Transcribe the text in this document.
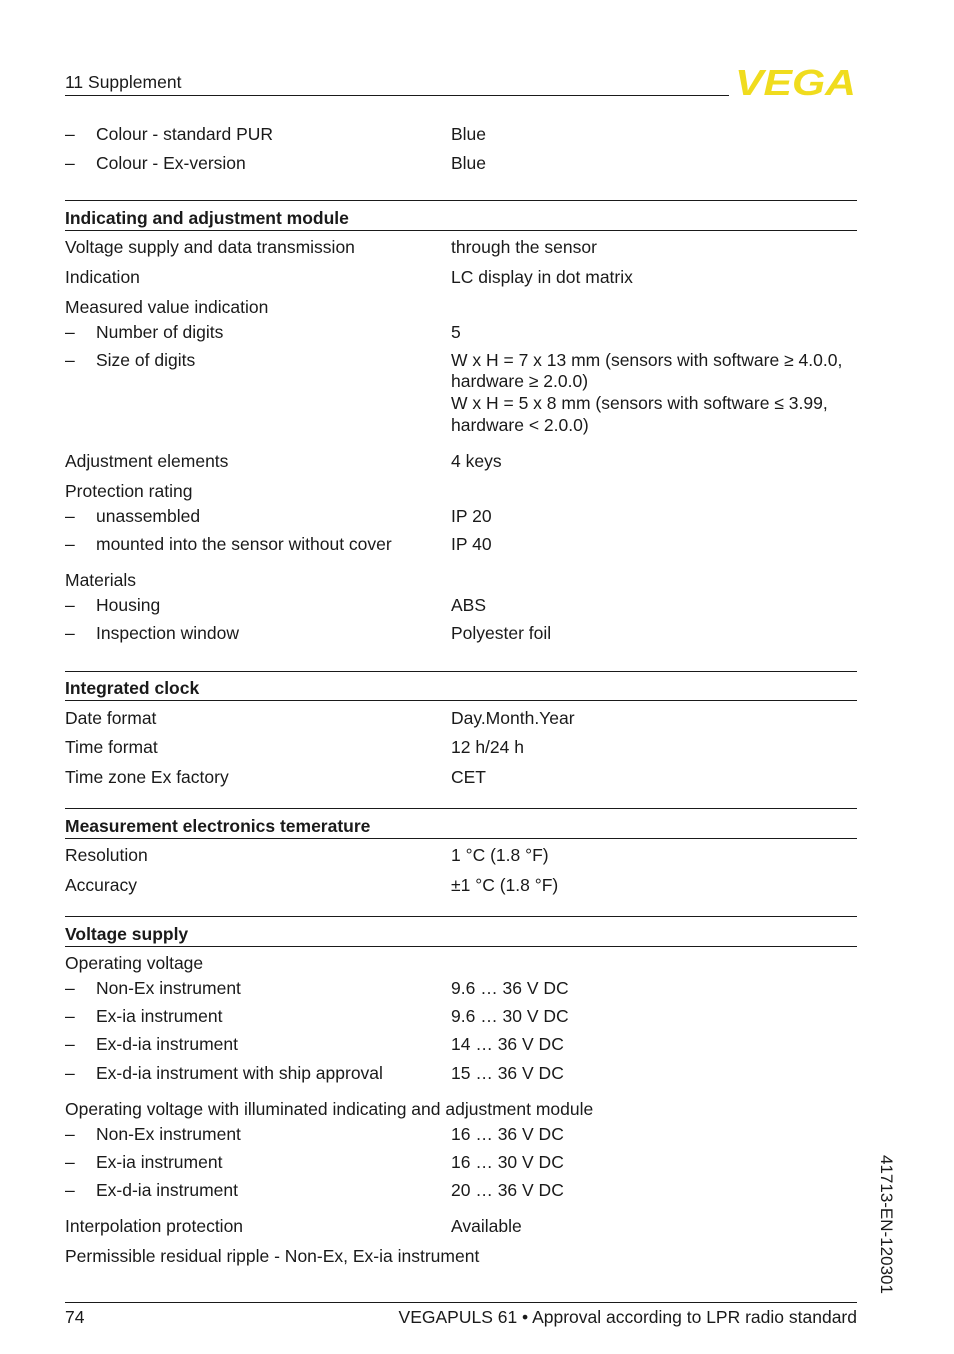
11 Supplement	VEGA
– Colour - standard PUR	Blue
– Colour - Ex-version	Blue
Indicating and adjustment module
Voltage supply and data transmission	through the sensor
Indication	LC display in dot matrix
Measured value indication
– Number of digits	5
– Size of digits	W x H = 7 x 13 mm (sensors with software ≥ 4.0.0,
hardware ≥ 2.0.0)
W x H = 5 x 8 mm (sensors with software ≤ 3.99,
hardware < 2.0.0)
Adjustment elements	4 keys
Protection rating
– unassembled	IP 20
– mounted into the sensor without cover	IP 40
Materials
– Housing	ABS
– Inspection window	Polyester foil
Integrated clock
Date format	Day.Month.Year
Time format	12 h/24 h
Time zone Ex factory	CET
Measurement electronics temerature
Resolution	1 °C (1.8 °F)
Accuracy	±1 °C (1.8 °F)
Voltage supply
Operating voltage
– Non-Ex instrument	9.6 … 36 V DC
– Ex-ia instrument	9.6 … 30 V DC
– Ex-d-ia instrument	14 … 36 V DC
– Ex-d-ia instrument with ship approval	15 … 36 V DC
Operating voltage with illuminated indicating and adjustment module
– Non-Ex instrument	16 … 36 V DC
– Ex-ia instrument	16 … 30 V DC
– Ex-d-ia instrument	20 … 36 V DC
Interpolation protection	Available
Permissible residual ripple - Non-Ex, Ex-ia instrument
74	VEGAPULS 61 • Approval according to LPR radio standard
41713-EN-120301
